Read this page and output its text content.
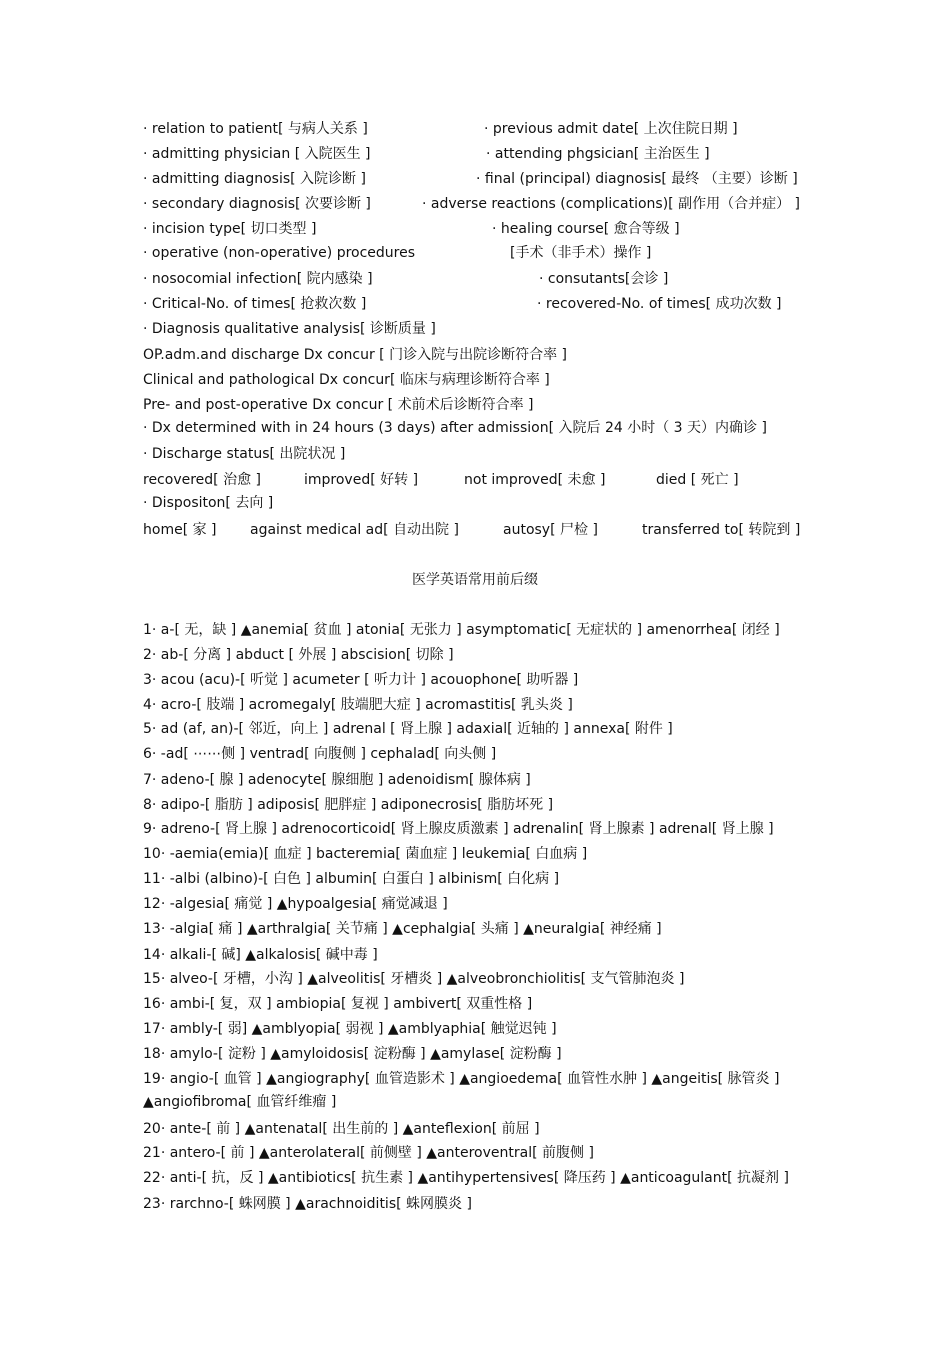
· relation to patient[ 与病人关系 ]	· previous admit date[ 上次住院日期 ]
· admitting physician [ 入院医生 ]	· attending phgsician[ 主治医生 ]
· admitting diagnosis[ 入院诊断 ]	· final (principal) diagnosis[ 最终 （主要）诊断 ]
· secondary diagnosis[ 次要诊断 ]	· adverse reactions (complications)[ 副作用（合并症） ]
· incision type[ 切口类型 ]	· healing course[ 愈合等级 ]
· operative (non-operative) procedures	[手术（非手术）操作 ]
· nosocomial infection[ 院内感染 ]	· consutants[会诊 ]
· Critical-No. of times[ 抢救次数 ]	· recovered-No. of times[ 成功次数 ]
· Diagnosis qualitative analysis[ 诊断质量 ]
OP.adm.and discharge Dx concur [ 门诊入院与出院诊断符合率 ]
Clinical and pathological Dx concur[ 临床与病理诊断符合率 ]
Pre- and post-operative Dx concur [ 术前术后诊断符合率 ]
· Dx determined with in 24 hours (3 days) after admission[ 入院后 24 小时（ 3 天）内确诊 ]
· Discharge status[ 出院状况 ]
recovered[ 治愈 ]	improved[ 好转 ]	not improved[ 未愈 ]	died [ 死亡 ]
· Dispositon[ 去向 ]
home[ 家 ] against medical ad[ 自动出院 ]	autosy[ 尸检 ]	transferred to[ 转院到 ]
医学英语常用前后缀
1· a-[ 无，缺 ] ▲anemia[ 贫血 ] atonia[ 无张力 ] asymptomatic[ 无症状的 ] amenorrhea[ 闭经 ]
2· ab-[ 分离 ] abduct [ 外展 ] abscision[ 切除 ]
3· acou (acu)-[ 听觉 ] acumeter [ 听力计 ] acouophone[ 助听器 ]
4· acro-[ 肢端 ] acromegaly[ 肢端肥大症 ] acromastitis[ 乳头炎 ]
5· ad (af, an)-[ 邻近，向上 ] adrenal [ 肾上腺 ] adaxial[ 近轴的 ] annexa[ 附件 ]
6· -ad[ ⋯⋯侧 ] ventrad[ 向腹侧 ] cephalad[ 向头侧 ]
7· adeno-[ 腺 ] adenocyte[ 腺细胞 ] adenoidism[ 腺体病 ]
8· adipo-[ 脂肪 ] adiposis[ 肥胖症 ] adiponecrosis[ 脂肪坏死 ]
9· adreno-[ 肾上腺 ] adrenocorticoid[ 肾上腺皮质激素 ] adrenalin[ 肾上腺素 ] adrenal[ 肾上腺 ]
10· -aemia(emia)[ 血症 ] bacteremia[ 菌血症 ] leukemia[ 白血病 ]
11· -albi (albino)-[ 白色 ] albumin[ 白蛋白 ] albinism[ 白化病 ]
12· -algesia[ 痛觉 ] ▲hypoalgesia[ 痛觉减退 ]
13· -algia[ 痛 ] ▲arthralgia[ 关节痛 ] ▲cephalgia[ 头痛 ] ▲neuralgia[ 神经痛 ]
14· alkali-[ 碱] ▲alkalosis[ 碱中毒 ]
15· alveo-[ 牙槽，小沟 ] ▲alveolitis[ 牙槽炎 ] ▲alveobronchiolitis[ 支气管肺泡炎 ]
16· ambi-[ 复，双 ] ambiopia[ 复视 ] ambivert[ 双重性格 ]
17· ambly-[ 弱] ▲amblyopia[ 弱视 ] ▲amblyaphia[ 触觉迟钝 ]
18· amylo-[ 淀粉 ] ▲amyloidosis[ 淀粉酶 ] ▲amylase[ 淀粉酶 ]
19· angio-[ 血管 ] ▲angiography[ 血管造影术 ] ▲angioedema[ 血管性水肿 ] ▲angeitis[ 脉管炎 ]
▲angiofibroma[ 血管纤维瘤 ]
20· ante-[ 前 ] ▲antenatal[ 出生前的 ] ▲anteflexion[ 前屈 ]
21· antero-[ 前 ] ▲anterolateral[ 前侧壁 ] ▲anteroventral[ 前腹侧 ]
22· anti-[ 抗，反 ] ▲antibiotics[ 抗生素 ] ▲antihypertensives[ 降压药 ] ▲anticoagulant[ 抗凝剂 ]
23· rarchno-[ 蛛网膜 ] ▲arachnoiditis[ 蛛网膜炎 ]
